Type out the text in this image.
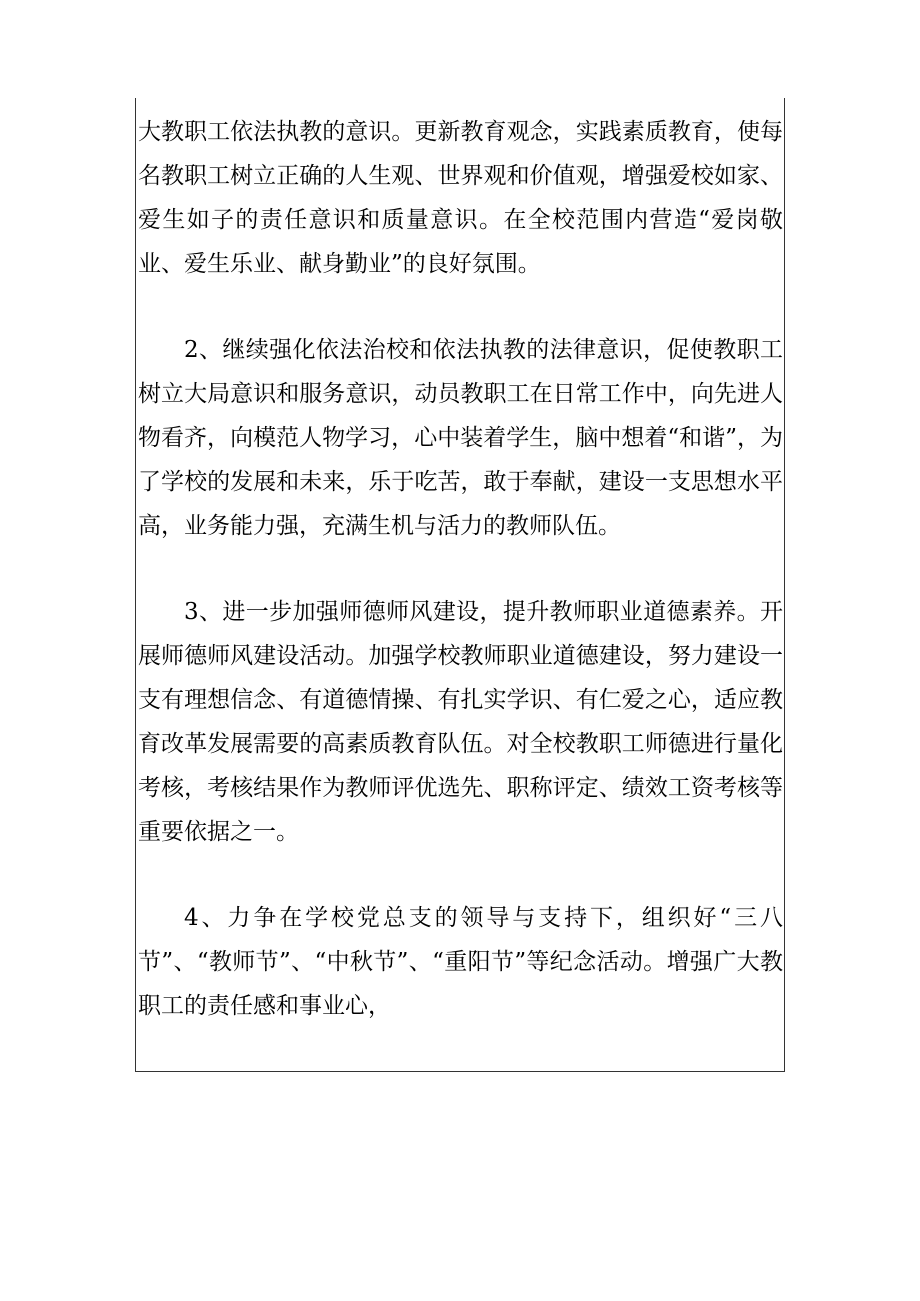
大教职工依法执教的意识。更新教育观念，实践素质教育，使每名教职工树立正确的人生观、世界观和价值观，增强爱校如家、爱生如子的责任意识和质量意识。在全校范围内营造“爱岗敬业、爱生乐业、献身勤业”的良好氛围。

2、继续强化依法治校和依法执教的法律意识，促使教职工树立大局意识和服务意识，动员教职工在日常工作中，向先进人物看齐，向模范人物学习，心中装着学生，脑中想着“和谐”，为了学校的发展和未来，乐于吃苦，敢于奉献，建设一支思想水平高，业务能力强，充满生机与活力的教师队伍。

3、进一步加强师德师风建设，提升教师职业道德素养。开展师德师风建设活动。加强学校教师职业道德建设，努力建设一支有理想信念、有道德情操、有扎实学识、有仁爱之心，适应教育改革发展需要的高素质教育队伍。对全校教职工师德进行量化考核，考核结果作为教师评优选先、职称评定、绩效工资考核等重要依据之一。

4、力争在学校党总支的领导与支持下，组织好“三八节”、“教师节”、“中秋节”、“重阳节”等纪念活动。增强广大教职工的责任感和事业心，
